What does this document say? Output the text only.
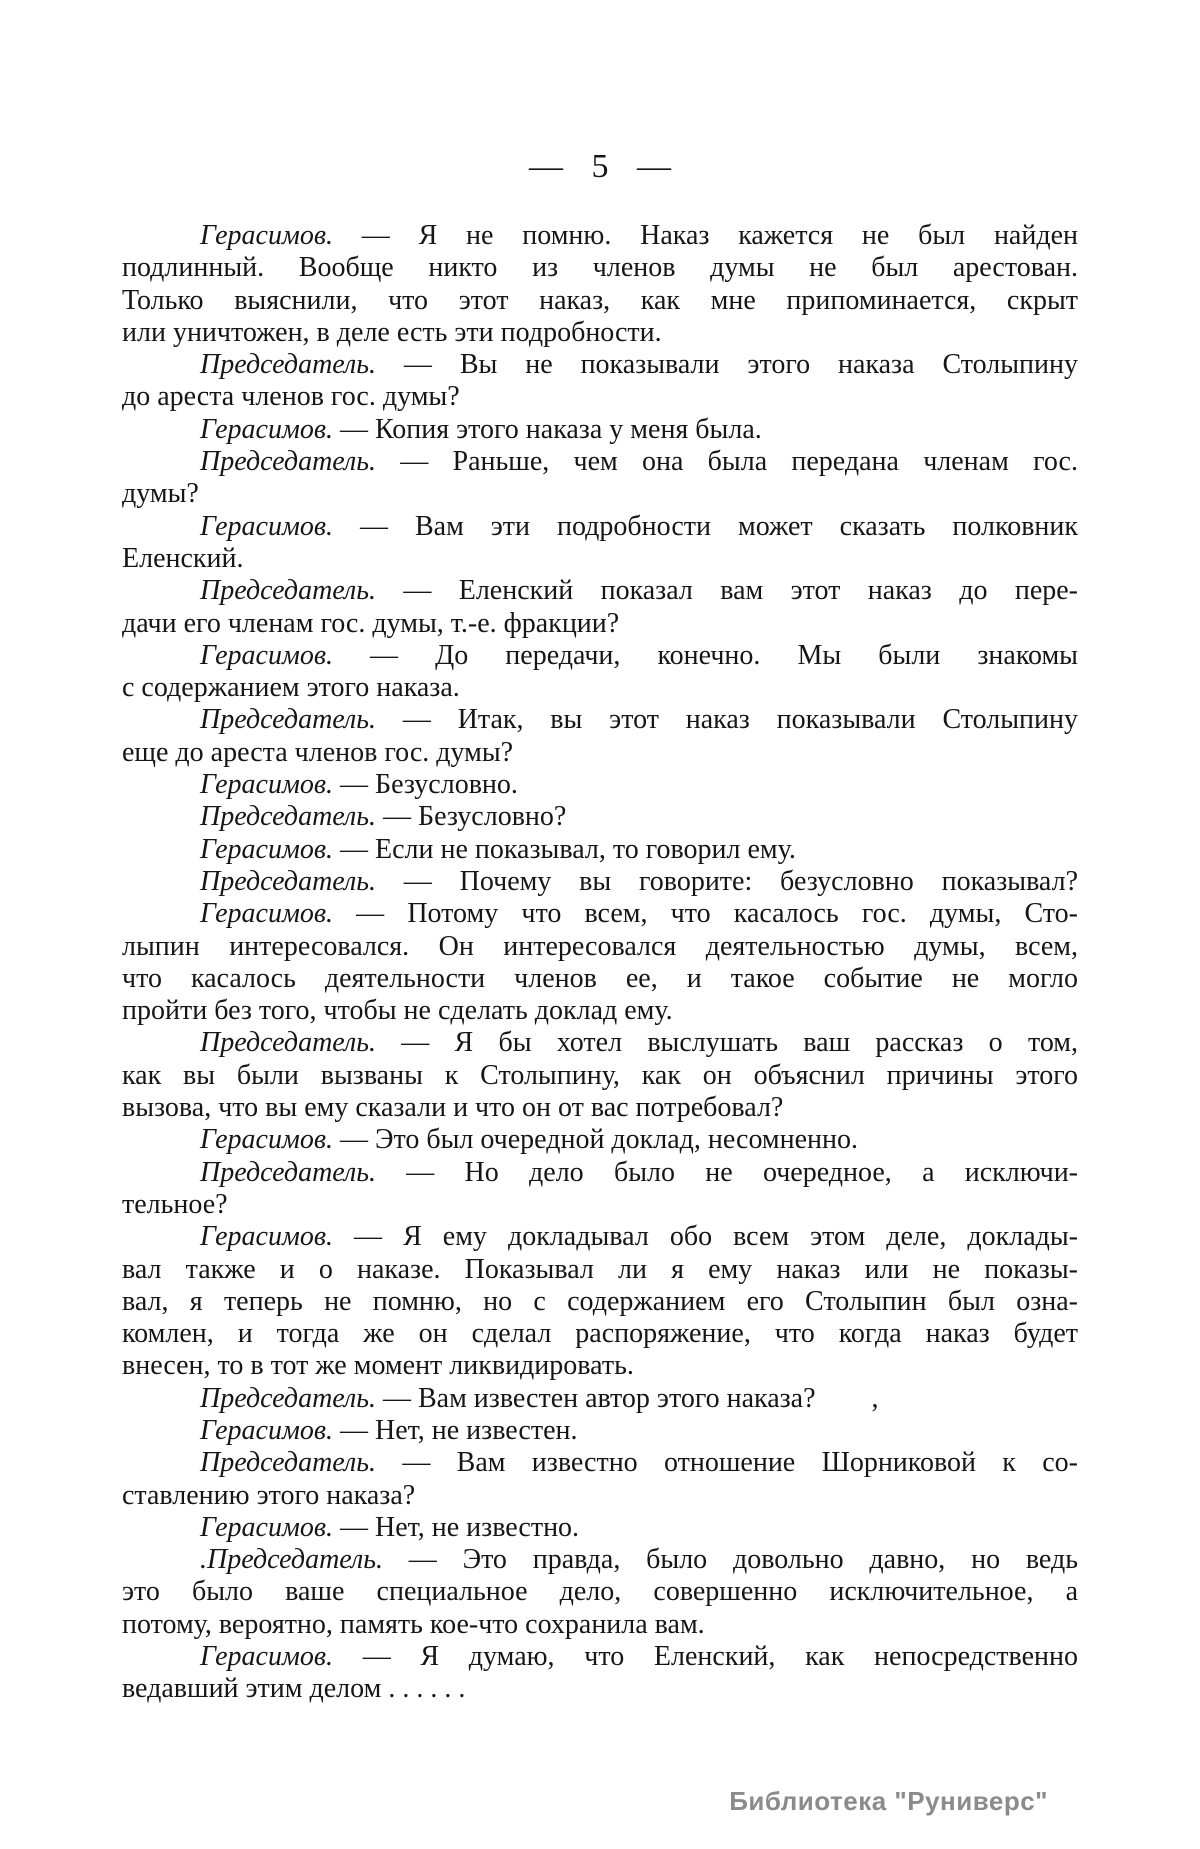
— 5 —
Герасимов. — Я не помню. Наказ кажется не был найден
подлинный. Вообще никто из членов думы не был арестован.
Только выяснили, что этот наказ, как мне припоминается, скрыт
или уничтожен, в деле есть эти подробности.
Председатель. — Вы не показывали этого наказа Столыпину
до ареста членов гос. думы?
Герасимов. — Копия этого наказа у меня была.
Председатель. — Раньше, чем она была передана членам гос.
думы?
Герасимов. — Вам эти подробности может сказать полковник
Еленский.
Председатель. — Еленский показал вам этот наказ до пере-
дачи его членам гос. думы, т.-е. фракции?
Герасимов. — До передачи, конечно. Мы были знакомы
с содержанием этого наказа.
Председатель. — Итак, вы этот наказ показывали Столыпину
еще до ареста членов гос. думы?
Герасимов. — Безусловно.
Председатель. — Безусловно?
Герасимов. — Если не показывал, то говорил ему.
Председатель. — Почему вы говорите: безусловно показывал?
Герасимов. — Потому что всем, что касалось гос. думы, Сто-
лыпин интересовался. Он интересовался деятельностью думы, всем,
что касалось деятельности членов ее, и такое событие не могло
пройти без того, чтобы не сделать доклад ему.
Председатель. — Я бы хотел выслушать ваш рассказ о том,
как вы были вызваны к Столыпину, как он объяснил причины этого
вызова, что вы ему сказали и что он от вас потребовал?
Герасимов. — Это был очередной доклад, несомненно.
Председатель. — Но дело было не очередное, а исключи-
тельное?
Герасимов. — Я ему докладывал обо всем этом деле, доклады-
вал также и о наказе. Показывал ли я ему наказ или не показы-
вал, я теперь не помню, но с содержанием его Столыпин был озна-
комлен, и тогда же он сделал распоряжение, что когда наказ будет
внесен, то в тот же момент ликвидировать.
Председатель. — Вам известен автор этого наказа?        ,
Герасимов. — Нет, не известен.
Председатель. — Вам известно отношение Шорниковой к со-
ставлению этого наказа?
Герасимов. — Нет, не известно.
.Председатель. — Это правда, было довольно давно, но ведь
это было ваше специальное дело, совершенно исключительное, а
потому, вероятно, память кое-что сохранила вам.
Герасимов. — Я думаю, что Еленский, как непосредственно
ведавший этим делом . . . . . .
Библиотека "Руниверс"
